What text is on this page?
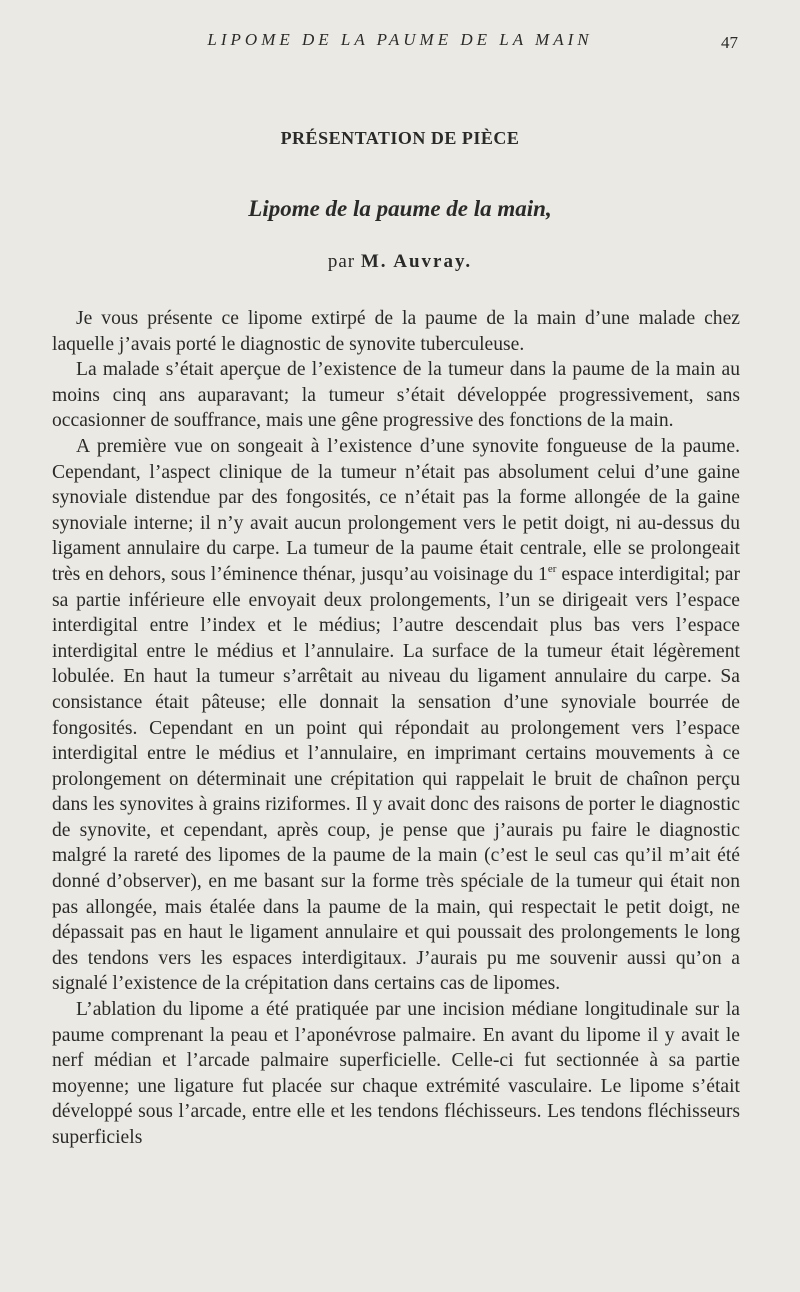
LIPOME DE LA PAUME DE LA MAIN	47
PRÉSENTATION DE PIÈCE
Lipome de la paume de la main,
par M. Auvray.

Je vous présente ce lipome extirpé de la paume de la main d’une malade chez laquelle j’avais porté le diagnostic de synovite tuberculeuse.

La malade s’était aperçue de l’existence de la tumeur dans la paume de la main au moins cinq ans auparavant; la tumeur s’était développée progressivement, sans occasionner de souffrance, mais une gêne progressive des fonctions de la main.

A première vue on songeait à l’existence d’une synovite fongueuse de la paume. Cependant, l’aspect clinique de la tumeur n’était pas absolument celui d’une gaine synoviale distendue par des fongosités, ce n’était pas la forme allongée de la gaine synoviale interne; il n’y avait aucun prolongement vers le petit doigt, ni au-dessus du ligament annulaire du carpe. La tumeur de la paume était centrale, elle se prolongeait très en dehors, sous l’éminence thénar, jusqu’au voisinage du 1er espace interdigital; par sa partie inférieure elle envoyait deux prolongements, l’un se dirigeait vers l’espace interdigital entre l’index et le médius; l’autre descendait plus bas vers l’espace interdigital entre le médius et l’annulaire. La surface de la tumeur était légèrement lobulée. En haut la tumeur s’arrêtait au niveau du ligament annulaire du carpe. Sa consistance était pâteuse; elle donnait la sensation d’une synoviale bourrée de fongosités. Cependant en un point qui répondait au prolongement vers l’espace interdigital entre le médius et l’annulaire, en imprimant certains mouvements à ce prolongement on déterminait une crépitation qui rappelait le bruit de chaînon perçu dans les synovites à grains riziformes. Il y avait donc des raisons de porter le diagnostic de synovite, et cependant, après coup, je pense que j’aurais pu faire le diagnostic malgré la rareté des lipomes de la paume de la main (c’est le seul cas qu’il m’ait été donné d’observer), en me basant sur la forme très spéciale de la tumeur qui était non pas allongée, mais étalée dans la paume de la main, qui respectait le petit doigt, ne dépassait pas en haut le ligament annulaire et qui poussait des prolongements le long des tendons vers les espaces interdigitaux. J’aurais pu me souvenir aussi qu’on a signalé l’existence de la crépitation dans certains cas de lipomes.

L’ablation du lipome a été pratiquée par une incision médiane longitudinale sur la paume comprenant la peau et l’aponévrose palmaire. En avant du lipome il y avait le nerf médian et l’arcade palmaire superficielle. Celle-ci fut sectionnée à sa partie moyenne; une ligature fut placée sur chaque extrémité vasculaire. Le lipome s’était développé sous l’arcade, entre elle et les tendons fléchisseurs. Les tendons fléchisseurs superficiels
